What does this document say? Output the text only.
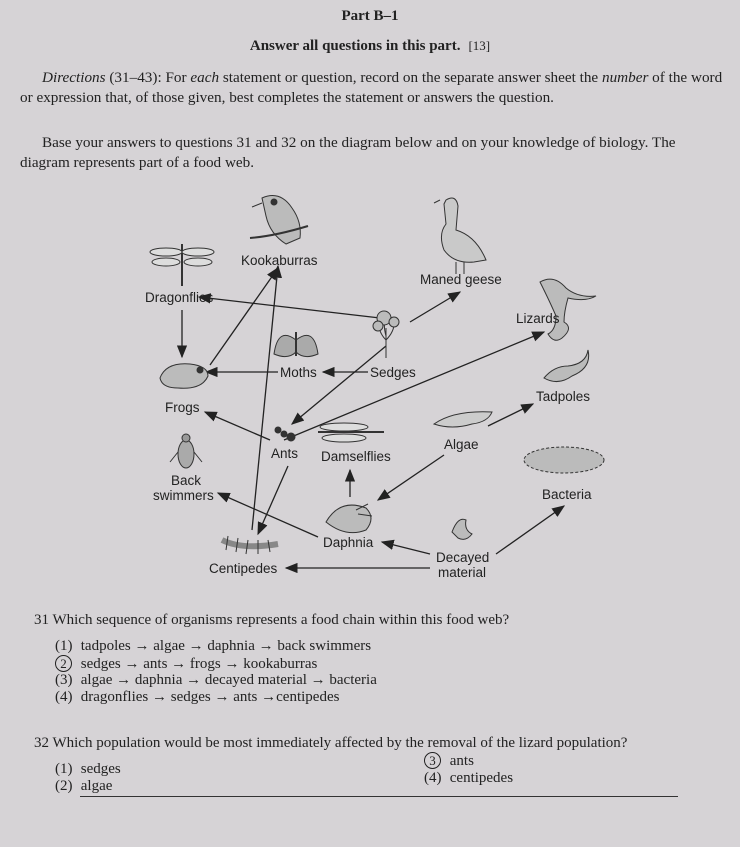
Part B–1
Answer all questions in this part. [13]
Directions (31–43): For each statement or question, record on the separate answer sheet the number of the word or expression that, of those given, best completes the statement or answers the question.
Base your answers to questions 31 and 32 on the diagram below and on your knowledge of biology. The diagram represents part of a food web.
Kookaburras
Maned geese
Dragonflies
Lizards
Moths	Sedges
Frogs
Tadpoles
Ants Damselflies
Algae
Back
swimmers	Bacteria
Daphnia
Decayed
material
Centipedes
31 Which sequence of organisms represents a food chain within this food web?
(1) tadpoles → algae → daphnia → back swimmers
2 sedges → ants → frogs → kookaburras
(3) algae → daphnia → decayed material → bacteria
(4) dragonflies → sedges → ants →centipedes
32 Which population would be most immediately affected by the removal of the lizard population?
(1) sedges
(2) algae
3 ants
(4) centipedes
